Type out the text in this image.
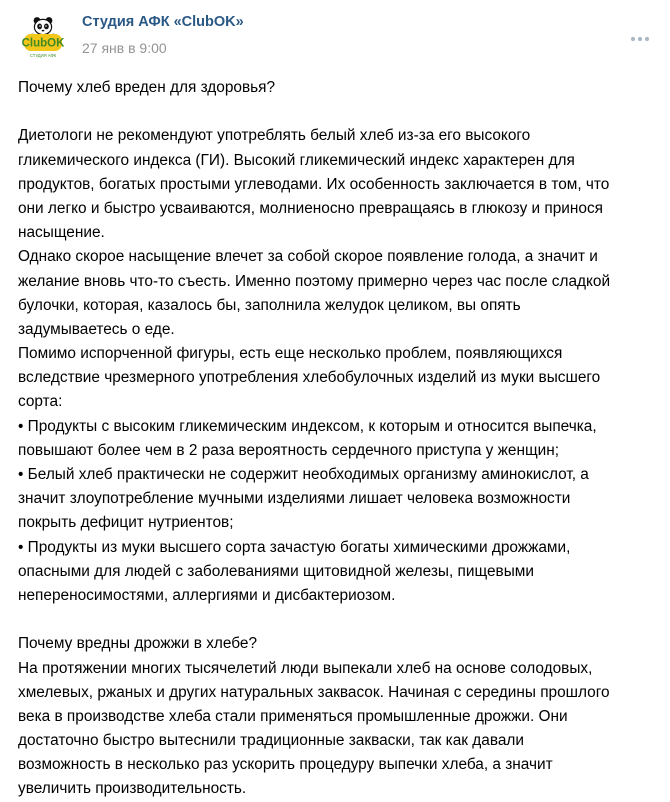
ClubOK
СТУДИЯ АФК
Студия АФК «ClubOK»
27 янв в 9:00
Почему хлеб вреден для здоровья?
Диетологи не рекомендуют употреблять белый хлеб из-за его высокого
гликемического индекса (ГИ). Высокий гликемический индекс характерен для
продуктов, богатых простыми углеводами. Их особенность заключается в том, что
они легко и быстро усваиваются, молниеносно превращаясь в глюкозу и принося
насыщение.
Однако скорое насыщение влечет за собой скорое появление голода, а значит и
желание вновь что-то съесть. Именно поэтому примерно через час после сладкой
булочки, которая, казалось бы, заполнила желудок целиком, вы опять
задумываетесь о еде.
Помимо испорченной фигуры, есть еще несколько проблем, появляющихся
вследствие чрезмерного употребления хлебобулочных изделий из муки высшего
сорта:
• Продукты с высоким гликемическим индексом, к которым и относится выпечка,
повышают более чем в 2 раза вероятность сердечного приступа у женщин;
• Белый хлеб практически не содержит необходимых организму аминокислот, а
значит злоупотребление мучными изделиями лишает человека возможности
покрыть дефицит нутриентов;
• Продукты из муки высшего сорта зачастую богаты химическими дрожжами,
опасными для людей с заболеваниями щитовидной железы, пищевыми
непереносимостями, аллергиями и дисбактериозом.
Почему вредны дрожжи в хлебе?
На протяжении многих тысячелетий люди выпекали хлеб на основе солодовых,
хмелевых, ржаных и других натуральных заквасок. Начиная с середины прошлого
века в производстве хлеба стали применяться промышленные дрожжи. Они
достаточно быстро вытеснили традиционные закваски, так как давали
возможность в несколько раз ускорить процедуру выпечки хлеба, а значит
увеличить производительность.
